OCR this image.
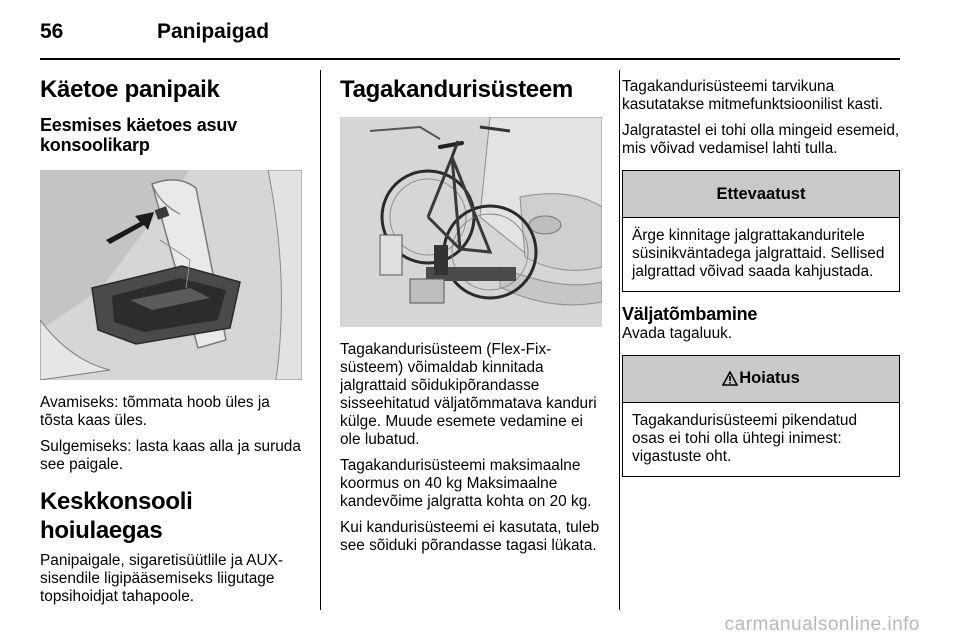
56	Panipaigad
Käetoe panipaik
Eesmises käetoes asuv konsoolikarp

Avamiseks: tõmmata hoob üles ja tõsta kaas üles.

Sulgemiseks: lasta kaas alla ja suruda see paigale.

Keskkonsooli hoiulaegas

Panipaigale, sigaretisüütlile ja AUX-sisendile ligipääsemiseks liigutage topsihoidjat tahapoole.

Tagakandurisüsteem

Tagakandurisüsteem (Flex-Fix-süsteem) võimaldab kinnitada jalgrattaid sõidukipõrandasse sisseehitatud väljatõmmatava kanduri külge. Muude esemete vedamine ei ole lubatud.

Tagakandurisüsteemi maksimaalne koormus on 40 kg Maksimaalne kandevõime jalgratta kohta on 20 kg.

Kui kandurisüsteemi ei kasutata, tuleb see sõiduki põrandasse tagasi lükata.

Tagakandurisüsteemi tarvikuna kasutatakse mitmefunktsioonilist kasti.

Jalgratastel ei tohi olla mingeid esemeid, mis võivad vedamisel lahti tulla.

Ettevaatust

Ärge kinnitage jalgrattakanduritele süsinikväntadega jalgrattaid. Sellised jalgrattad võivad saada kahjustada.

Väljatõmbamine

Avada tagaluuk.

Hoiatus

Tagakandurisüsteemi pikendatud osas ei tohi olla ühtegi inimest: vigastuste oht.

carmanualsonline.info
